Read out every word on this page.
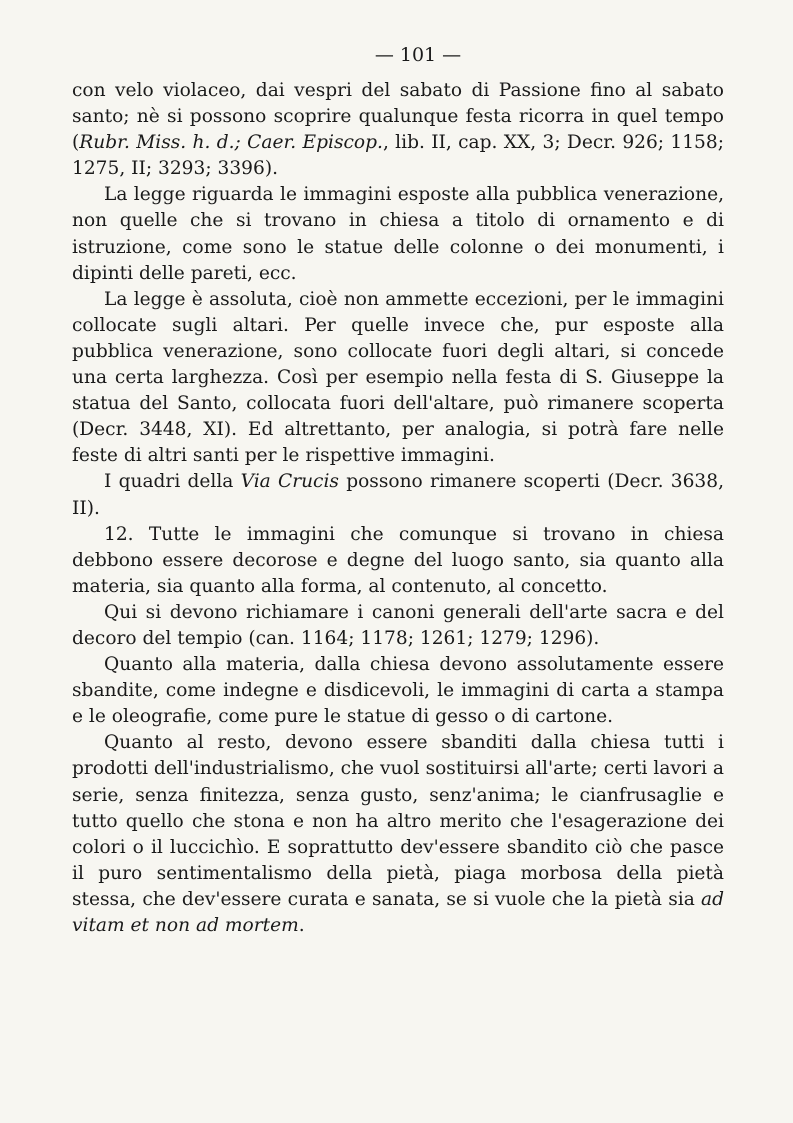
— 101 —

con velo violaceo, dai vespri del sabato di Passione fino al sabato santo; nè si possono scoprire qualunque festa ricorra in quel tempo (Rubr. Miss. h. d.; Caer. Episcop., lib. II, cap. XX, 3; Decr. 926; 1158; 1275, II; 3293; 3396).

La legge riguarda le immagini esposte alla pubblica venerazione, non quelle che si trovano in chiesa a titolo di ornamento e di istruzione, come sono le statue delle colonne o dei monumenti, i dipinti delle pareti, ecc.

La legge è assoluta, cioè non ammette eccezioni, per le immagini collocate sugli altari. Per quelle invece che, pur esposte alla pubblica venerazione, sono collocate fuori degli altari, si concede una certa larghezza. Così per esempio nella festa di S. Giuseppe la statua del Santo, collocata fuori dell'altare, può rimanere scoperta (Decr. 3448, XI). Ed altrettanto, per analogia, si potrà fare nelle feste di altri santi per le rispettive immagini.

I quadri della Via Crucis possono rimanere scoperti (Decr. 3638, II).

12. Tutte le immagini che comunque si trovano in chiesa debbono essere decorose e degne del luogo santo, sia quanto alla materia, sia quanto alla forma, al contenuto, al concetto.

Qui si devono richiamare i canoni generali dell'arte sacra e del decoro del tempio (can. 1164; 1178; 1261; 1279; 1296).

Quanto alla materia, dalla chiesa devono assolutamente essere sbandite, come indegne e disdicevoli, le immagini di carta a stampa e le oleografie, come pure le statue di gesso o di cartone.

Quanto al resto, devono essere sbanditi dalla chiesa tutti i prodotti dell'industrialismo, che vuol sostituirsi all'arte; certi lavori a serie, senza finitezza, senza gusto, senz'anima; le cianfrusaglie e tutto quello che stona e non ha altro merito che l'esagerazione dei colori o il luccichìo. E soprattutto dev'essere sbandito ciò che pasce il puro sentimentalismo della pietà, piaga morbosa della pietà stessa, che dev'essere curata e sanata, se si vuole che la pietà sia ad vitam et non ad mortem.
